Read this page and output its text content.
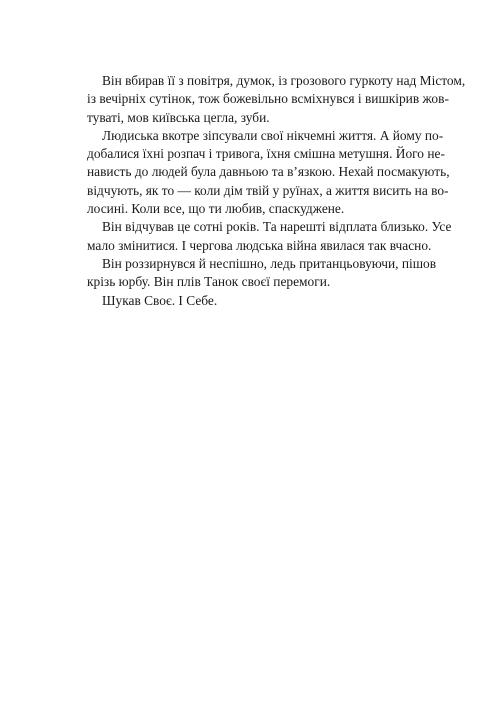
Він вбирав її з повітря, думок, із грозового гуркоту над Містом,
із вечірніх сутінок, тож божевільно всміхнувся і вишкірив жов-
туваті, мов київська цегла, зуби.

Людиська вкотре зіпсували свої нікчемні життя. А йому по-
добалися їхні розпач і тривога, їхня смішна метушня. Його не-
нависть до людей була давньою та в’язкою. Нехай посмакують,
відчують, як то — коли дім твій у руїнах, а життя висить на во-
лосині. Коли все, що ти любив, спаскуджене.

Він відчував це сотні років. Та нарешті відплата близько. Усе
мало змінитися. І чергова людська війна явилася так вчасно.

Він роззирнувся й неспішно, ледь пританцьовуючи, пішов
крізь юрбу. Він плів Танок своєї перемоги.

Шукав Своє. І Себе.
